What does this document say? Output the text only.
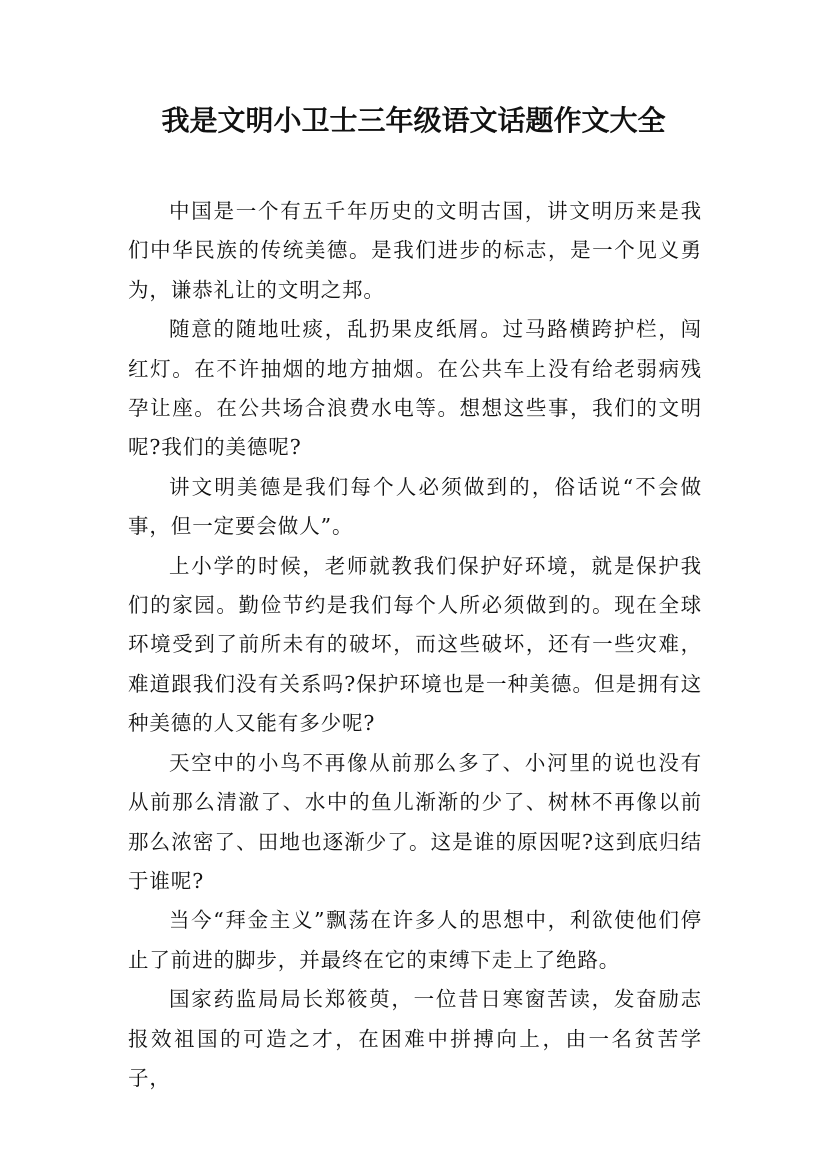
我是文明小卫士三年级语文话题作文大全

中国是一个有五千年历史的文明古国，讲文明历来是我们中华民族的传统美德。是我们进步的标志，是一个见义勇为，谦恭礼让的文明之邦。

随意的随地吐痰，乱扔果皮纸屑。过马路横跨护栏，闯红灯。在不许抽烟的地方抽烟。在公共车上没有给老弱病残孕让座。在公共场合浪费水电等。想想这些事，我们的文明呢?我们的美德呢?

讲文明美德是我们每个人必须做到的，俗话说“不会做事，但一定要会做人”。

上小学的时候，老师就教我们保护好环境，就是保护我们的家园。勤俭节约是我们每个人所必须做到的。现在全球环境受到了前所未有的破坏，而这些破坏，还有一些灾难，难道跟我们没有关系吗?保护环境也是一种美德。但是拥有这种美德的人又能有多少呢?

天空中的小鸟不再像从前那么多了、小河里的说也没有从前那么清澈了、水中的鱼儿渐渐的少了、树林不再像以前那么浓密了、田地也逐渐少了。这是谁的原因呢?这到底归结于谁呢?

当今“拜金主义”飘荡在许多人的思想中，利欲使他们停止了前进的脚步，并最终在它的束缚下走上了绝路。

国家药监局局长郑筱萸，一位昔日寒窗苦读，发奋励志报效祖国的可造之才，在困难中拼搏向上，由一名贫苦学子，
